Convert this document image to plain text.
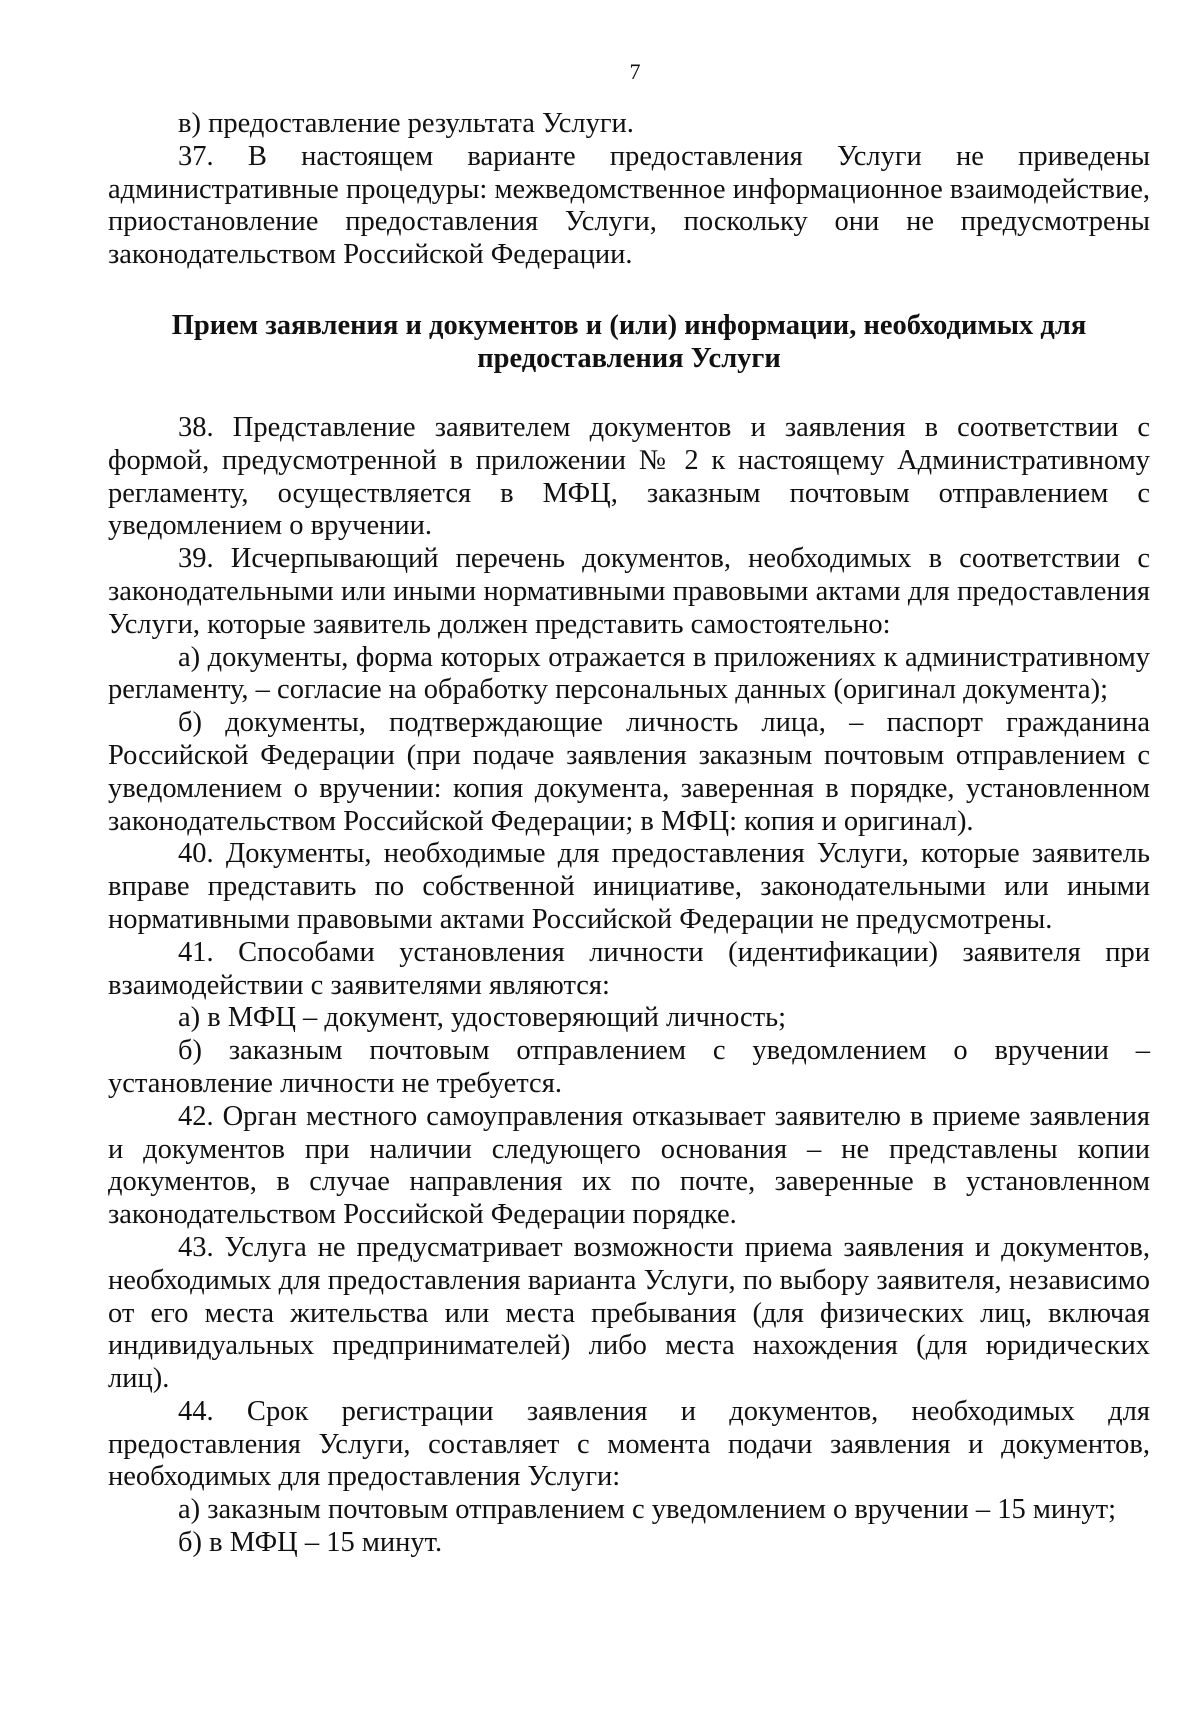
7

в) предоставление результата Услуги.

37. В настоящем варианте предоставления Услуги не приведены административные процедуры: межведомственное информационное взаимодействие, приостановление предоставления Услуги, поскольку они не предусмотрены законодательством Российской Федерации.

Прием заявления и документов и (или) информации, необходимых для предоставления Услуги

38. Представление заявителем документов и заявления в соответствии с формой, предусмотренной в приложении № 2 к настоящему Административному регламенту, осуществляется в МФЦ, заказным почтовым отправлением с уведомлением о вручении.

39. Исчерпывающий перечень документов, необходимых в соответствии с законодательными или иными нормативными правовыми актами для предоставления Услуги, которые заявитель должен представить самостоятельно:

а) документы, форма которых отражается в приложениях к административному регламенту, – согласие на обработку персональных данных (оригинал документа);

б) документы, подтверждающие личность лица, – паспорт гражданина Российской Федерации (при подаче заявления заказным почтовым отправлением с уведомлением о вручении: копия документа, заверенная в порядке, установленном законодательством Российской Федерации; в МФЦ: копия и оригинал).

40. Документы, необходимые для предоставления Услуги, которые заявитель вправе представить по собственной инициативе, законодательными или иными нормативными правовыми актами Российской Федерации не предусмотрены.

41. Способами установления личности (идентификации) заявителя при взаимодействии с заявителями являются:

а) в МФЦ – документ, удостоверяющий личность;

б) заказным почтовым отправлением с уведомлением о вручении – установление личности не требуется.

42. Орган местного самоуправления отказывает заявителю в приеме заявления и документов при наличии следующего основания – не представлены копии документов, в случае направления их по почте, заверенные в установленном законодательством Российской Федерации порядке.

43. Услуга не предусматривает возможности приема заявления и документов, необходимых для предоставления варианта Услуги, по выбору заявителя, независимо от его места жительства или места пребывания (для физических лиц, включая индивидуальных предпринимателей) либо места нахождения (для юридических лиц).

44. Срок регистрации заявления и документов, необходимых для предоставления Услуги, составляет с момента подачи заявления и документов, необходимых для предоставления Услуги:

а) заказным почтовым отправлением с уведомлением о вручении – 15 минут;

б) в МФЦ – 15 минут.
